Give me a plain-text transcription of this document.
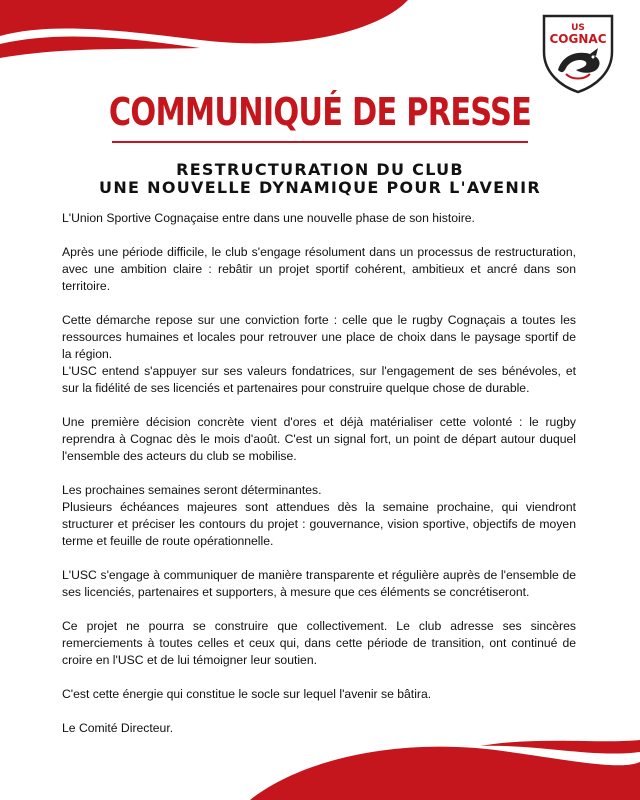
US
COGNAC
COMMUNIQUÉ DE PRESSE
RESTRUCTURATION DU CLUB
UNE NOUVELLE DYNAMIQUE POUR L'AVENIR

L'Union Sportive Cognaçaise entre dans une nouvelle phase de son histoire.

Après une période difficile, le club s'engage résolument dans un processus de restructuration, avec une ambition claire : rebâtir un projet sportif cohérent, ambitieux et ancré dans son territoire.

Cette démarche repose sur une conviction forte : celle que le rugby Cognaçais a toutes les ressources humaines et locales pour retrouver une place de choix dans le paysage sportif de la région.

L'USC entend s'appuyer sur ses valeurs fondatrices, sur l'engagement de ses bénévoles, et sur la fidélité de ses licenciés et partenaires pour construire quelque chose de durable.

Une première décision concrète vient d'ores et déjà matérialiser cette volonté : le rugby reprendra à Cognac dès le mois d'août. C'est un signal fort, un point de départ autour duquel l'ensemble des acteurs du club se mobilise.

Les prochaines semaines seront déterminantes.

Plusieurs échéances majeures sont attendues dès la semaine prochaine, qui viendront structurer et préciser les contours du projet : gouvernance, vision sportive, objectifs de moyen terme et feuille de route opérationnelle.

L'USC s'engage à communiquer de manière transparente et régulière auprès de l'ensemble de ses licenciés, partenaires et supporters, à mesure que ces éléments se concrétiseront.

Ce projet ne pourra se construire que collectivement. Le club adresse ses sincères remerciements à toutes celles et ceux qui, dans cette période de transition, ont continué de croire en l'USC et de lui témoigner leur soutien.

C'est cette énergie qui constitue le socle sur lequel l'avenir se bâtira.

Le Comité Directeur.
